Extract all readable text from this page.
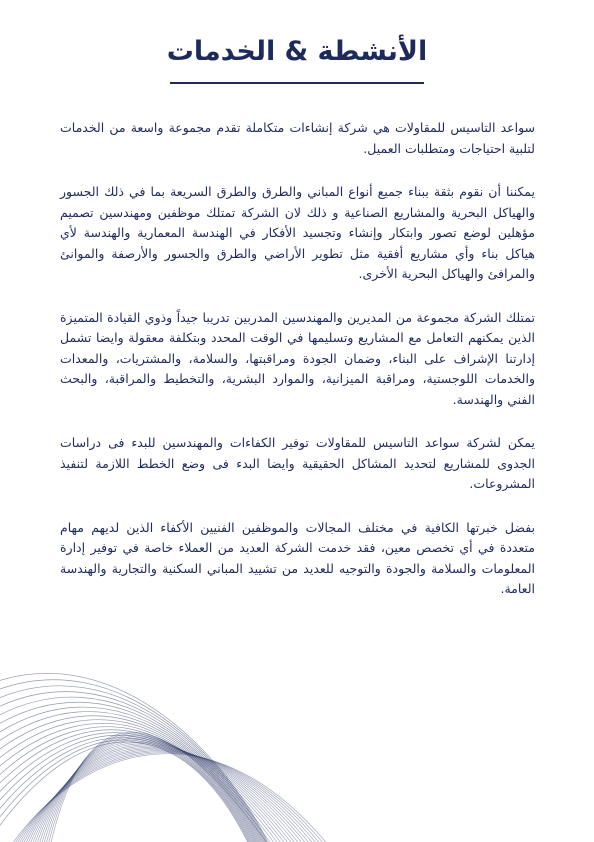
الأنشطة & الخدمات

سواعد التاسيس للمقاولات هي شركة إنشاءات متكاملة تقدم مجموعة واسعة من الخدمات لتلبية احتياجات ومتطلبات العميل.

يمكننا أن نقوم بثقة ببناء جميع أنواع المباني والطرق والطرق السريعة بما في ذلك الجسور والهياكل البحرية والمشاريع الصناعية و ذلك لان الشركة تمتلك موظفين ومهندسين تصميم مؤهلين لوضع تصور وابتكار وإنشاء وتجسيد الأفكار في الهندسة المعمارية والهندسة لأي هياكل بناء وأي مشاريع أفقية مثل تطوير الأراضي والطرق والجسور والأرصفة والموانئ والمرافئ والهياكل البحرية الأخرى.

تمتلك الشركة مجموعة من المديرين والمهندسين المدربين تدريبا جيداً وذوي القيادة المتميزة الذين يمكنهم التعامل مع المشاريع وتسليمها في الوقت المحدد وبتكلفة معقولة وايضا تشمل إدارتنا الإشراف على البناء، وضمان الجودة ومراقبتها، والسلامة، والمشتريات، والمعدات والخدمات اللوجستية، ومراقبة الميزانية، والموارد البشرية، والتخطيط والمراقبة، والبحث الفني والهندسة.

يمكن لشركة سواعد التاسيس للمقاولات توفير الكفاءات والمهندسين للبدء فى دراسات الجدوى للمشاريع لتحديد المشاكل الحقيقية وايضا البدء فى وضع الخطط اللازمة لتنفيذ المشروعات.

بفضل خبرتها الكافية في مختلف المجالات والموظفين الفنيين الأكفاء الذين لديهم مهام متعددة في أي تخصص معين، فقد خدمت الشركة العديد من العملاء خاصة في توفير إدارة المعلومات والسلامة والجودة والتوجيه للعديد من تشييد المباني السكنية والتجارية والهندسة العامة.
